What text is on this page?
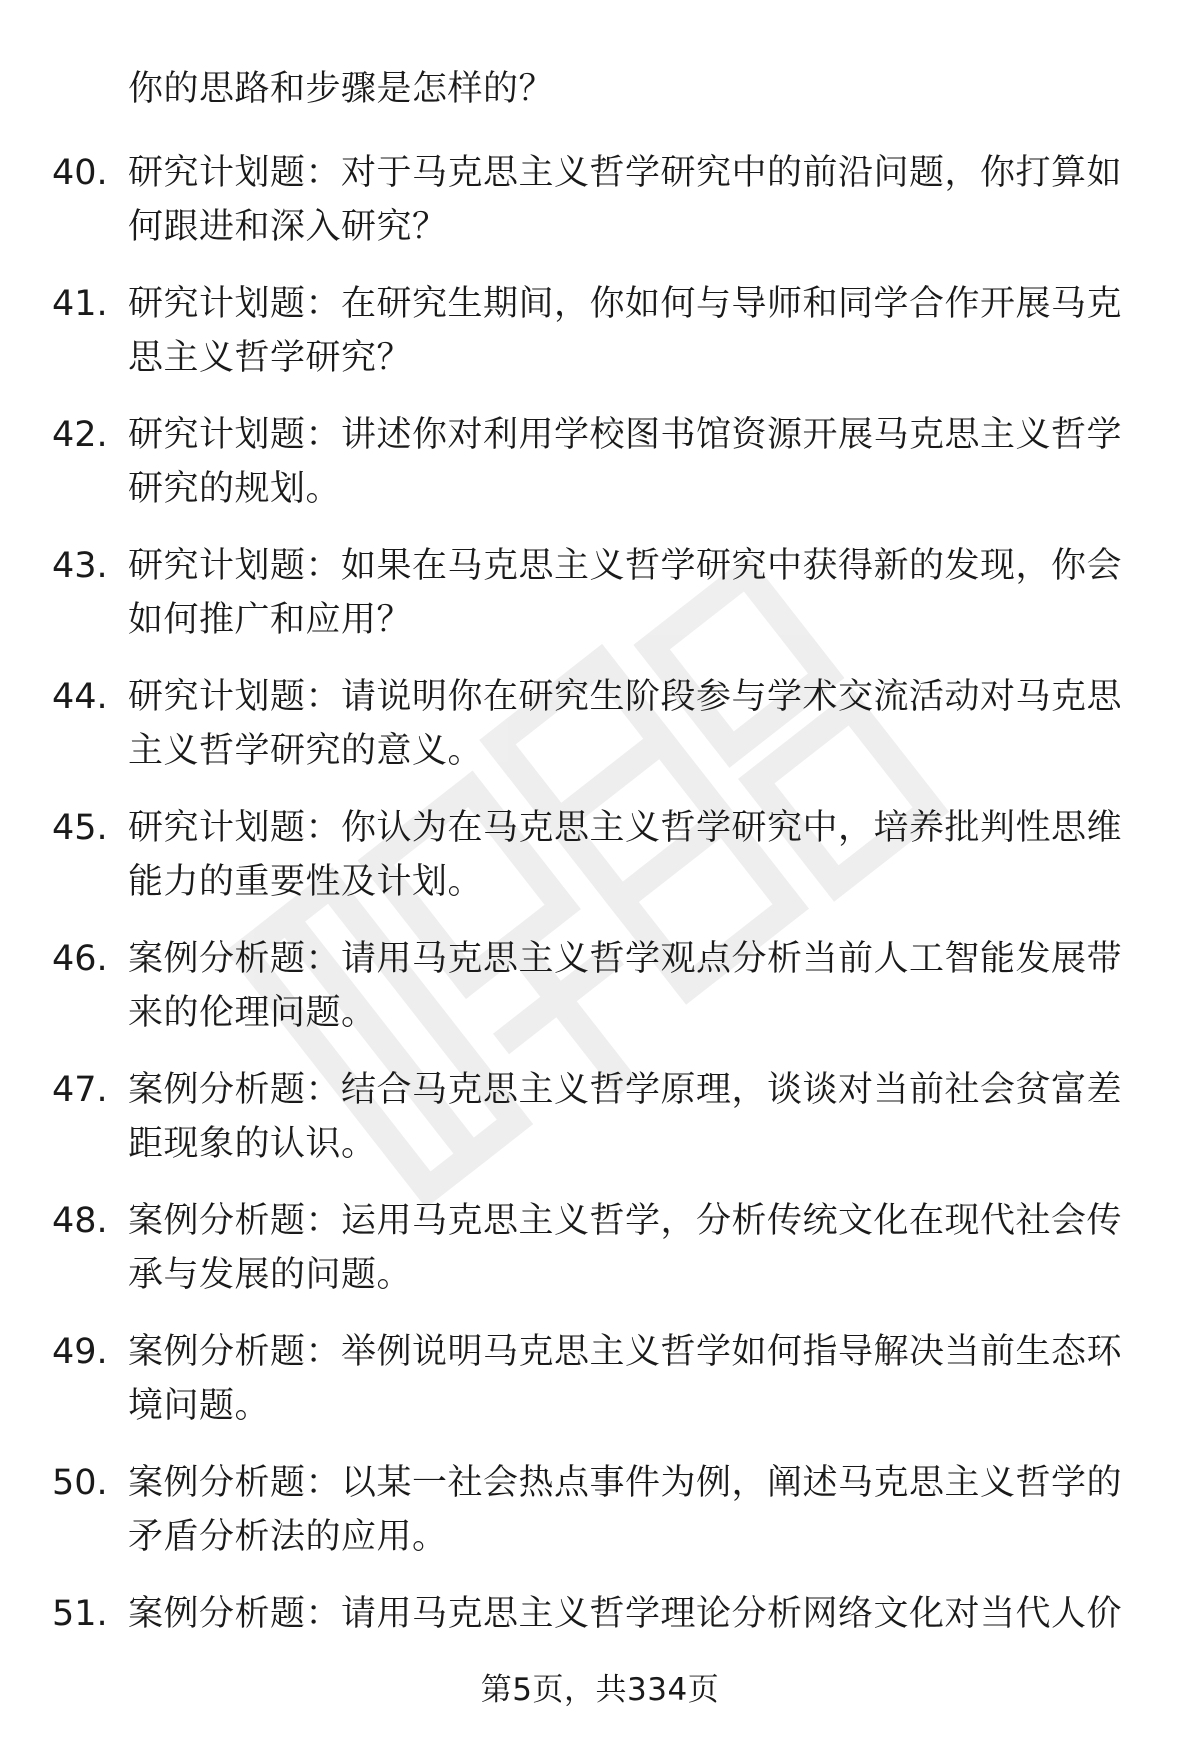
你的思路和步骤是怎样的？
40. 研究计划题：对于马克思主义哲学研究中的前沿问题，你打算如何跟进和深入研究？
41. 研究计划题：在研究生期间，你如何与导师和同学合作开展马克思主义哲学研究？
42. 研究计划题：讲述你对利用学校图书馆资源开展马克思主义哲学研究的规划。
43. 研究计划题：如果在马克思主义哲学研究中获得新的发现，你会如何推广和应用？
44. 研究计划题：请说明你在研究生阶段参与学术交流活动对马克思主义哲学研究的意义。
45. 研究计划题：你认为在马克思主义哲学研究中，培养批判性思维能力的重要性及计划。
46. 案例分析题：请用马克思主义哲学观点分析当前人工智能发展带来的伦理问题。
47. 案例分析题：结合马克思主义哲学原理，谈谈对当前社会贫富差距现象的认识。
48. 案例分析题：运用马克思主义哲学，分析传统文化在现代社会传承与发展的问题。
49. 案例分析题：举例说明马克思主义哲学如何指导解决当前生态环境问题。
50. 案例分析题：以某一社会热点事件为例，阐述马克思主义哲学的矛盾分析法的应用。
51. 案例分析题：请用马克思主义哲学理论分析网络文化对当代人价
第5页，共334页
